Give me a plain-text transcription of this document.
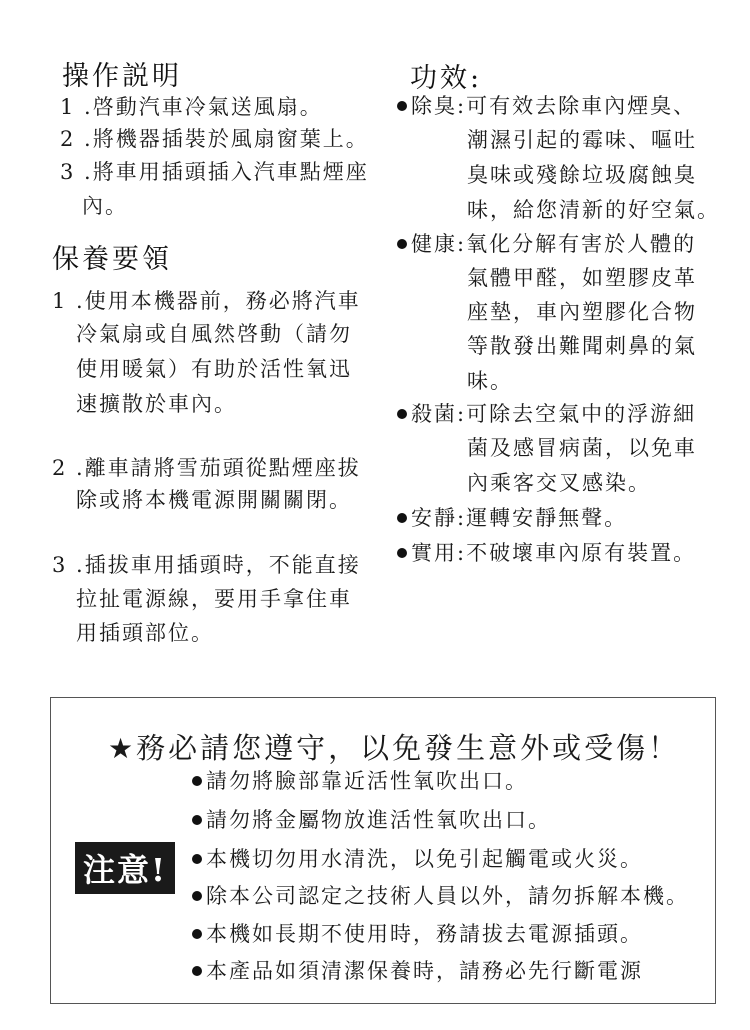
操作説明
1 .啓動汽車冷氣送風扇。
2 .將機器插裝於風扇窗葉上。
3 .將車用插頭插入汽車點煙座
內。
保養要領
1 .使用本機器前，務必將汽車
冷氣扇或自風然啓動（請勿
使用暖氣）有助於活性氧迅
速擴散於車內。
2 .離車請將雪茄頭從點煙座拔
除或將本機電源開關關閉。
3 .插拔車用插頭時，不能直接
拉扯電源線，要用手拿住車
用插頭部位。
功效:
除臭:可有效去除車內煙臭、
潮濕引起的霉味、嘔吐
臭味或殘餘垃圾腐蝕臭
味，給您清新的好空氣。
健康:氧化分解有害於人體的
氣體甲醛，如塑膠皮革
座墊，車內塑膠化合物
等散發出難聞刺鼻的氣
味。
殺菌:可除去空氣中的浮游細
菌及感冒病菌，以免車
內乘客交叉感染。
安靜:運轉安靜無聲。
實用:不破壞車內原有裝置。
★務必請您遵守，以免發生意外或受傷！
注意!
請勿將臉部靠近活性氧吹出口。
請勿將金屬物放進活性氧吹出口。
本機切勿用水清洗，以免引起觸電或火災。
除本公司認定之技術人員以外，請勿拆解本機。
本機如長期不使用時，務請拔去電源插頭。
本產品如須清潔保養時，請務必先行斷電源
